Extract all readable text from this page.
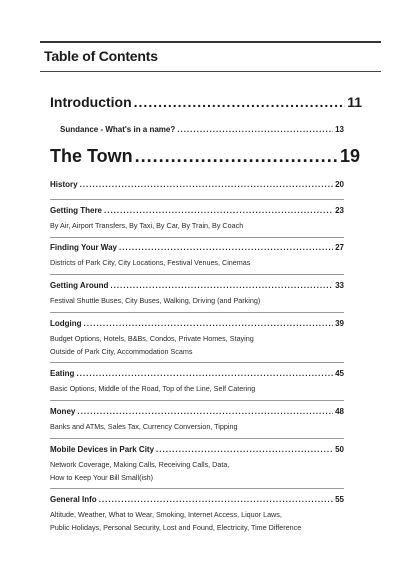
Table of Contents
Introduction .....	11
Sundance - What's in a name? .....	13
The Town .....	19
History .....	20
Getting There .....	23
By Air, Airport Transfers, By Taxi, By Car, By Train, By Coach
Finding Your Way .....	27
Districts of Park City, City Locations, Festival Venues, Cinemas
Getting Around .....	33
Festival Shuttle Buses, City Buses, Walking, Driving (and Parking)
Lodging .....	39
Budget Options, Hotels, B&Bs, Condos, Private Homes, Staying
Outside of Park City, Accommodation Scams
Eating .....	45
Basic Options, Middle of the Road, Top of the Line, Self Catering
Money .....	48
Banks and ATMs, Sales Tax, Currency Conversion, Tipping
Mobile Devices in Park City .....	50
Network Coverage, Making Calls, Receiving Calls, Data,
How to Keep Your Bill Small(ish)
General Info .....	55
Altitude, Weather, What to Wear, Smoking, Internet Access, Liquor Laws,
Public Holidays, Personal Security, Lost and Found, Electricity, Time Difference
